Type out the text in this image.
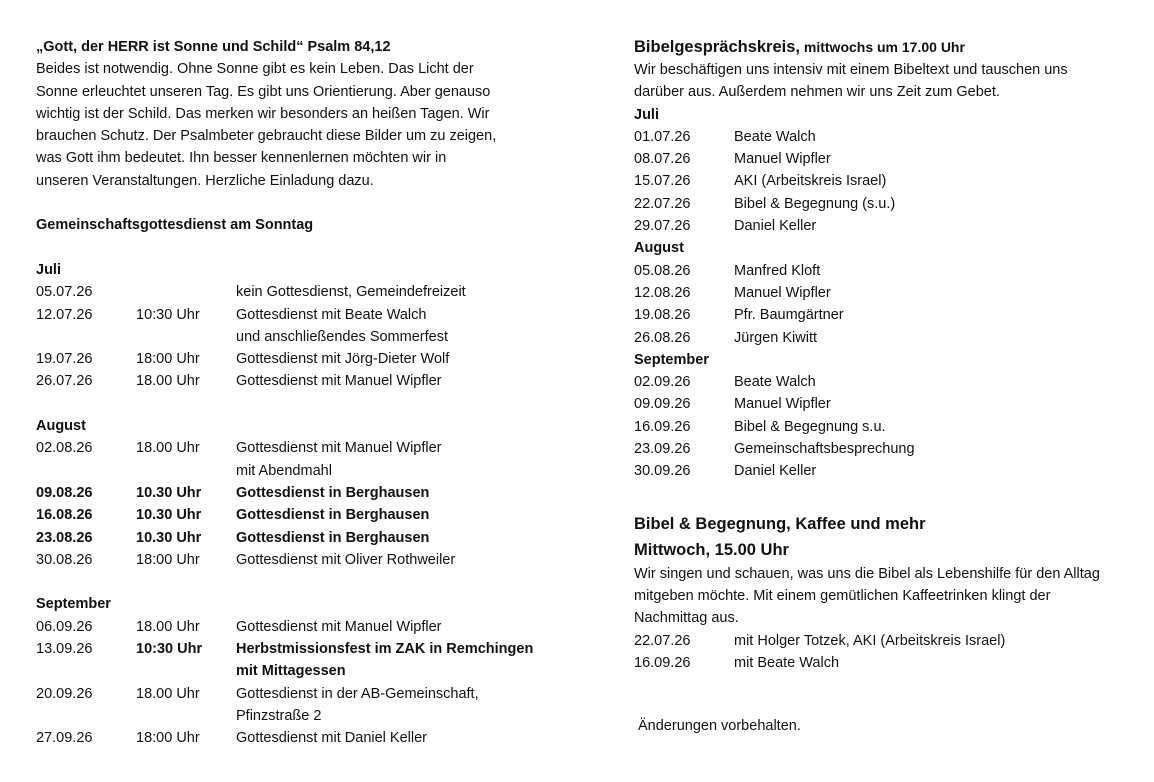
„Gott, der HERR ist Sonne und Schild“ Psalm 84,12
Beides ist notwendig. Ohne Sonne gibt es kein Leben. Das Licht der
Sonne erleuchtet unseren Tag. Es gibt uns Orientierung. Aber genauso
wichtig ist der Schild. Das merken wir besonders an heißen Tagen. Wir
brauchen Schutz. Der Psalmbeter gebraucht diese Bilder um zu zeigen,
was Gott ihm bedeutet. Ihn besser kennenlernen möchten wir in
unseren Veranstaltungen. Herzliche Einladung dazu.
Gemeinschaftsgottesdienst am Sonntag
Juli
05.07.26	kein Gottesdienst, Gemeindefreizeit
12.07.26	10:30 Uhr	Gottesdienst mit Beate Walch
und anschließendes Sommerfest
19.07.26	18:00 Uhr	Gottesdienst mit Jörg-Dieter Wolf
26.07.26	18.00 Uhr	Gottesdienst mit Manuel Wipfler
August
02.08.26	18.00 Uhr	Gottesdienst mit Manuel Wipfler
mit Abendmahl
09.08.26	10.30 Uhr Gottesdienst in Berghausen
16.08.26	10.30 Uhr Gottesdienst in Berghausen
23.08.26	10.30 Uhr Gottesdienst in Berghausen
30.08.26	18:00 Uhr	Gottesdienst mit Oliver Rothweiler
September
06.09.26	18.00 Uhr	Gottesdienst mit Manuel Wipfler
13.09.26	10:30 Uhr Herbstmissionsfest im ZAK in Remchingen
mit Mittagessen
20.09.26	18.00 Uhr	Gottesdienst in der AB-Gemeinschaft,
Pfinzstraße 2
27.09.26	18:00 Uhr	Gottesdienst mit Daniel Keller
Bibelgesprächskreis, mittwochs um 17.00 Uhr
Wir beschäftigen uns intensiv mit einem Bibeltext und tauschen uns
darüber aus. Außerdem nehmen wir uns Zeit zum Gebet.
Juli
01.07.26	Beate Walch
08.07.26	Manuel Wipfler
15.07.26	AKI (Arbeitskreis Israel)
22.07.26	Bibel & Begegnung (s.u.)
29.07.26	Daniel Keller
August
05.08.26	Manfred Kloft
12.08.26	Manuel Wipfler
19.08.26	Pfr. Baumgärtner
26.08.26	Jürgen Kiwitt
September
02.09.26	Beate Walch
09.09.26	Manuel Wipfler
16.09.26	Bibel & Begegnung s.u.
23.09.26	Gemeinschaftsbesprechung
30.09.26	Daniel Keller
Bibel & Begegnung, Kaffee und mehr
Mittwoch, 15.00 Uhr
Wir singen und schauen, was uns die Bibel als Lebenshilfe für den Alltag
mitgeben möchte. Mit einem gemütlichen Kaffeetrinken klingt der
Nachmittag aus.
22.07.26	mit Holger Totzek, AKI (Arbeitskreis Israel)
16.09.26	mit Beate Walch
Änderungen vorbehalten.
